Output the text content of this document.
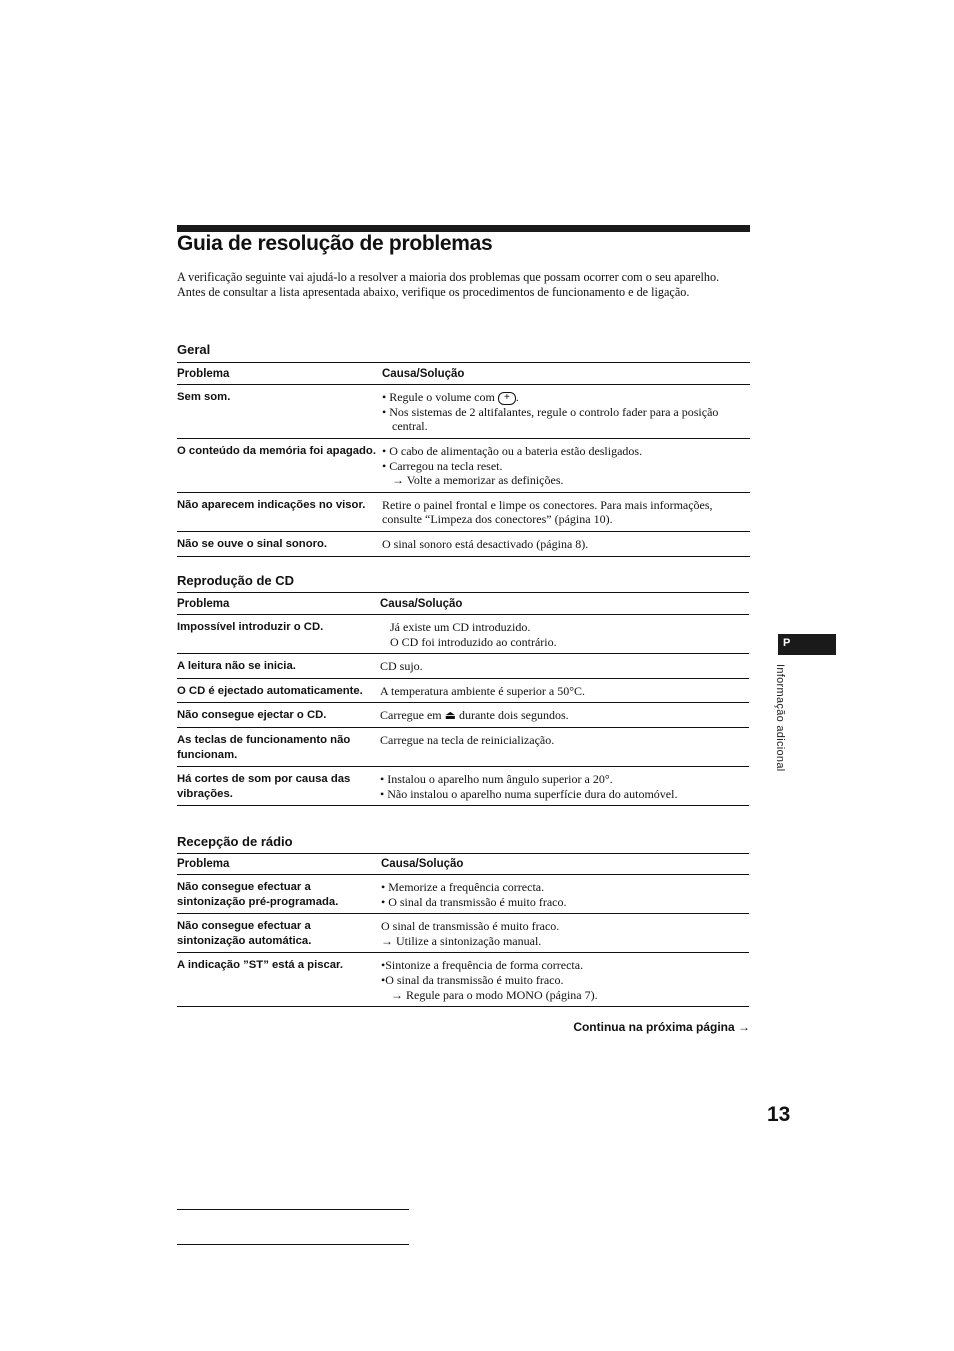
Guia de resolução de problemas

A verificação seguinte vai ajudá-lo a resolver a maioria dos problemas que possam ocorrer com o seu aparelho.

Antes de consultar a lista apresentada abaixo, verifique os procedimentos de funcionamento e de ligação.

Geral
Problema	Causa/Solução
Sem som.	• Regule o volume com + .
• Nos sistemas de 2 altifalantes, regule o controlo fader para a posição central.

O conteúdo da memória foi apagado.	• O cabo de alimentação ou a bateria estão desligados.
• Carregou na tecla reset.
→ Volte a memorizar as definições.

Não aparecem indicações no visor.	Retire o painel frontal e limpe os conectores. Para mais informações, consulte “Limpeza dos conectores” (página 10).
Não se ouve o sinal sonoro.	O sinal sonoro está desactivado (página 8).
Reprodução de CD
Problema	Causa/Solução
Impossível introduzir o CD.	Já existe um CD introduzido.
O CD foi introduzido ao contrário.

A leitura não se inicia.	CD sujo.
O CD é ejectado automaticamente.	A temperatura ambiente é superior a 50°C.
Não consegue ejectar o CD.	Carregue em ⏏ durante dois segundos.
As teclas de funcionamento não funcionam.	Carregue na tecla de reinicialização.
Há cortes de som por causa das vibrações.	• Instalou o aparelho num ângulo superior a 20°.
• Não instalou o aparelho numa superfície dura do automóvel.
Recepção de rádio
Problema	Causa/Solução
Não consegue efectuar a sintonização pré-programada.	• Memorize a frequência correcta.
• O sinal da transmissão é muito fraco.

Não consegue efectuar a sintonização automática.	O sinal de transmissão é muito fraco.
→ Utilize a sintonização manual.

A indicação ”ST” está a piscar.	•Sintonize a frequência de forma correcta.
•O sinal da transmissão é muito fraco.
→ Regule para o modo MONO (página 7).
Continua na próxima página →
P
Informação adicional
13
